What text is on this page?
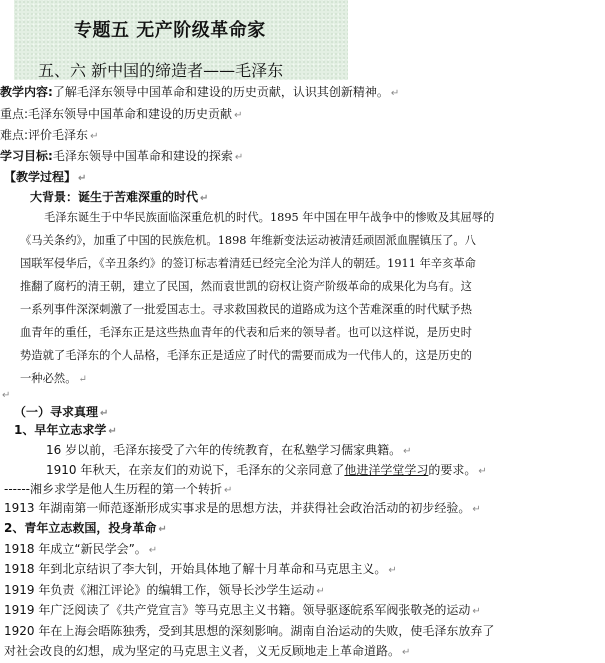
专题五 无产阶级革命家
五、六 新中国的缔造者——毛泽东
教学内容:了解毛泽东领导中国革命和建设的历史贡献，认识其创新精神。 ↵
重点:毛泽东领导中国革命和建设的历史贡献 ↵
难点:评价毛泽东 ↵
学习目标:毛泽东领导中国革命和建设的探索 ↵
【教学过程】 ↵
大背景：诞生于苦难深重的时代 ↵
毛泽东诞生于中华民族面临深重危机的时代。1895 年中国在甲午战争中的惨败及其屈辱的
《马关条约》，加重了中国的民族危机。1898 年维新变法运动被清廷顽固派血腥镇压了。八
国联军侵华后，《辛丑条约》的签订标志着清廷已经完全沦为洋人的朝廷。1911 年辛亥革命
推翻了腐朽的清王朝，建立了民国，然而袁世凯的窃权让资产阶级革命的成果化为乌有。这
一系列事件深深刺激了一批爱国志士。寻求救国救民的道路成为这个苦难深重的时代赋予热
血青年的重任，毛泽东正是这些热血青年的代表和后来的领导者。也可以这样说，是历史时
势造就了毛泽东的个人品格，毛泽东正是适应了时代的需要而成为一代伟人的，这是历史的
一种必然。 ↵
↵
（一）寻求真理 ↵
1、早年立志求学 ↵
16 岁以前，毛泽东接受了六年的传统教育，在私塾学习儒家典籍。 ↵
1910 年秋天，在亲友们的劝说下，毛泽东的父亲同意了他进洋学堂学习的要求。 ↵
------湘乡求学是他人生历程的第一个转折 ↵
1913 年湖南第一师范逐渐形成实事求是的思想方法，并获得社会政治活动的初步经验。 ↵
2、青年立志救国，投身革命 ↵
1918 年成立“新民学会”。 ↵
1918 年到北京结识了李大钊，开始具体地了解十月革命和马克思主义。 ↵
1919 年负责《湘江评论》的编辑工作，领导长沙学生运动 ↵
1919 年广泛阅读了《共产党宣言》等马克思主义书籍。领导驱逐皖系军阀张敬尧的运动 ↵
1920 年在上海会晤陈独秀，受到其思想的深刻影响。湖南自治运动的失败，使毛泽东放弃了
对社会改良的幻想，成为坚定的马克思主义者，义无反顾地走上革命道路。 ↵
